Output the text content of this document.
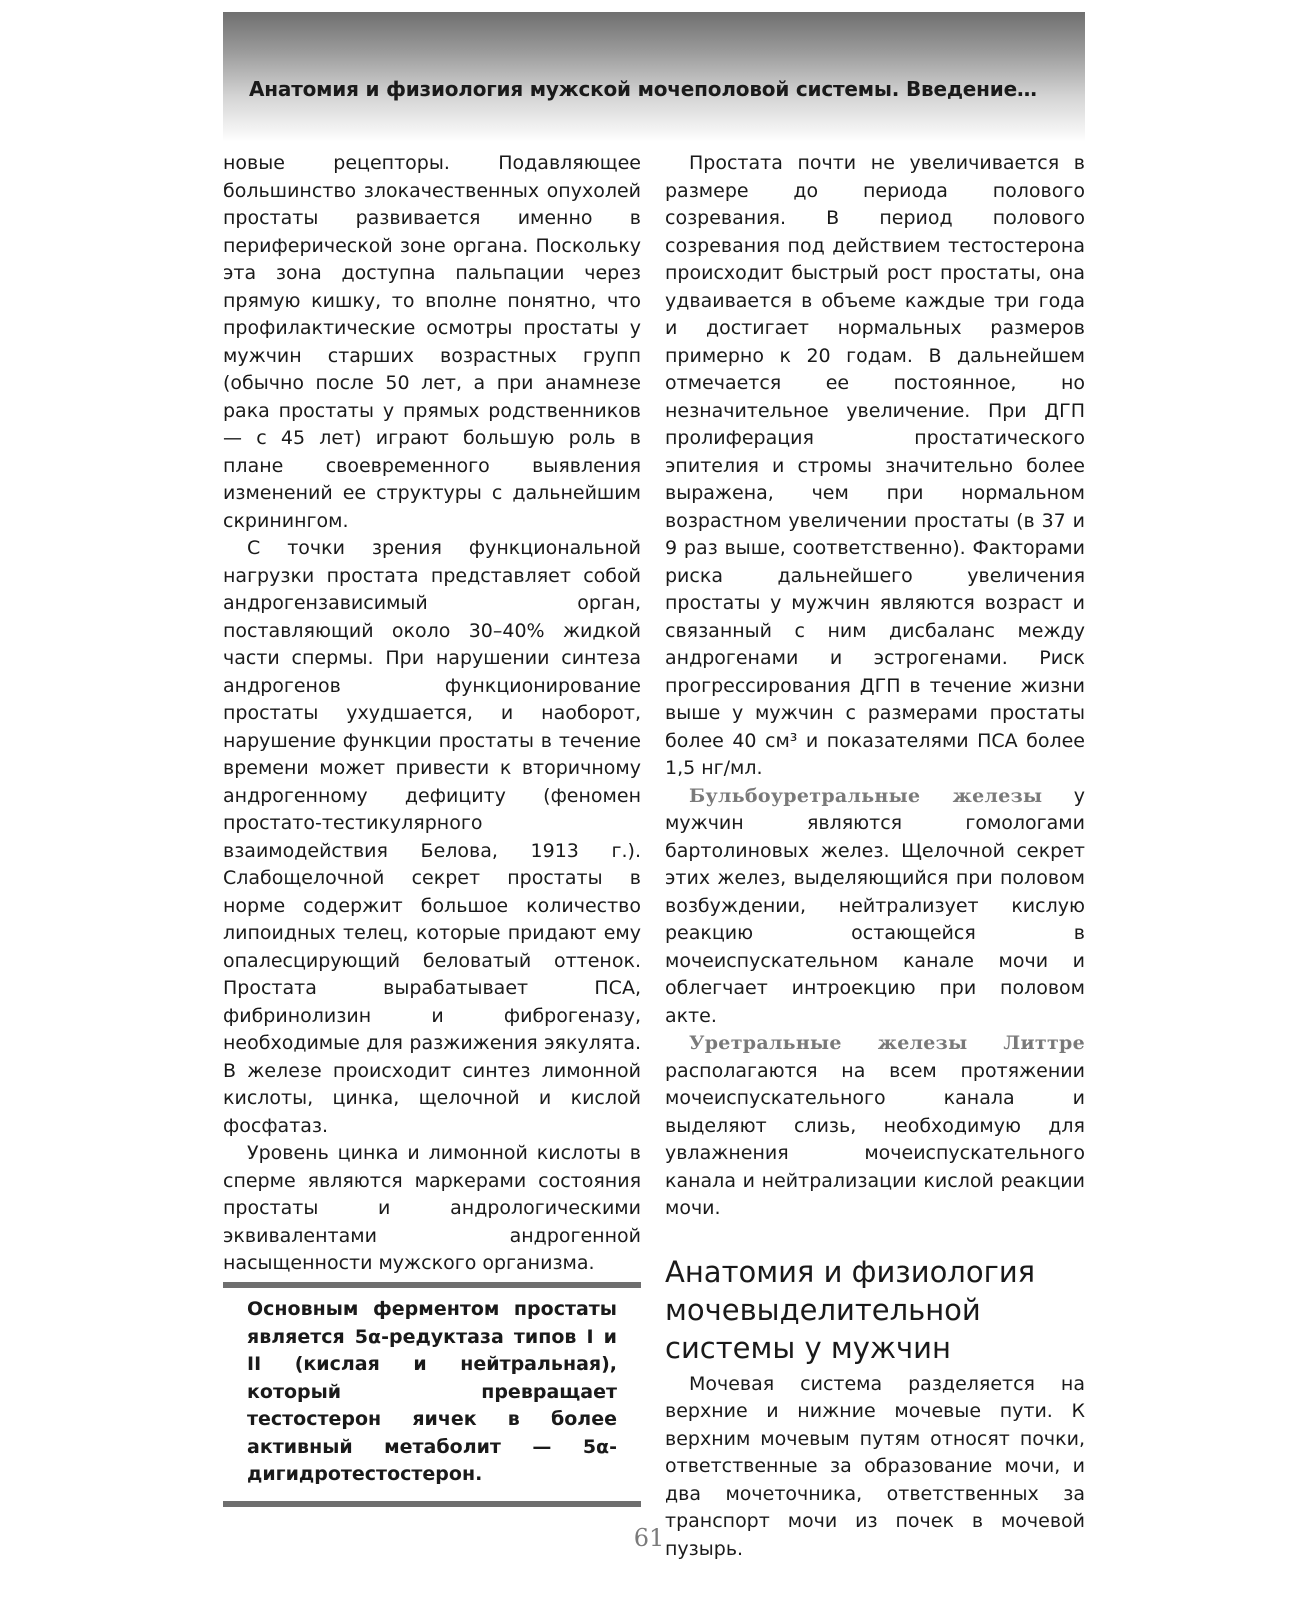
Анатомия и физиология мужской мочеполовой системы. Введение…

новые рецепторы. Подавляющее большинство злокачественных опухолей простаты развивается именно в периферической зоне органа. Поскольку эта зона доступна пальпации через прямую кишку, то вполне понятно, что профилактические осмотры простаты у мужчин старших возрастных групп (обычно после 50 лет, а при анамнезе рака простаты у прямых родственников — с 45 лет) играют большую роль в плане своевременного выявления изменений ее структуры с дальнейшим скринингом.

С точки зрения функциональной нагрузки простата представляет собой андрогензависимый орган, поставляющий около 30–40% жидкой части спермы. При нарушении синтеза андрогенов функционирование простаты ухудшается, и наоборот, нарушение функции простаты в течение времени может привести к вторичному андрогенному дефициту (феномен простато-тестикулярного взаимодействия Белова, 1913 г.). Слабощелочной секрет простаты в норме содержит большое количество липоидных телец, которые придают ему опалесцирующий беловатый оттенок. Простата вырабатывает ПСА, фибринолизин и фиброгеназу, необходимые для разжижения эякулята. В железе происходит синтез лимонной кислоты, цинка, щелочной и кислой фосфатаз.

Уровень цинка и лимонной кислоты в сперме являются маркерами состояния простаты и андрологическими эквивалентами андрогенной насыщенности мужского организма.

Основным ферментом простаты является 5α-редуктаза типов I и II (кислая и нейтральная), который превращает тестостерон яичек в более активный метаболит — 5α-дигидротестостерон.

Простата почти не увеличивается в размере до периода полового созревания. В период полового созревания под действием тестостерона происходит быстрый рост простаты, она удваивается в объеме каждые три года и достигает нормальных размеров примерно к 20 годам. В дальнейшем отмечается ее постоянное, но незначительное увеличение. При ДГП пролиферация простатического эпителия и стромы значительно более выражена, чем при нормальном возрастном увеличении простаты (в 37 и 9 раз выше, соответственно). Факторами риска дальнейшего увеличения простаты у мужчин являются возраст и связанный с ним дисбаланс между андрогенами и эстрогенами. Риск прогрессирования ДГП в течение жизни выше у мужчин с размерами простаты более 40 см³ и показателями ПСА более 1,5 нг/мл.

Бульбоуретральные железы у мужчин являются гомологами бартолиновых желез. Щелочной секрет этих желез, выделяющийся при половом возбуждении, нейтрализует кислую реакцию остающейся в мочеиспускательном канале мочи и облегчает интроекцию при половом акте.

Уретральные железы Литтре располагаются на всем протяжении мочеиспускательного канала и выделяют слизь, необходимую для увлажнения мочеиспускательного канала и нейтрализации кислой реакции мочи.

Анатомия и физиология мочевыделительной системы у мужчин

Мочевая система разделяется на верхние и нижние мочевые пути. К верхним мочевым путям относят почки, ответственные за образование мочи, и два мочеточника, ответственных за транспорт мочи из почек в мочевой пузырь.

61
